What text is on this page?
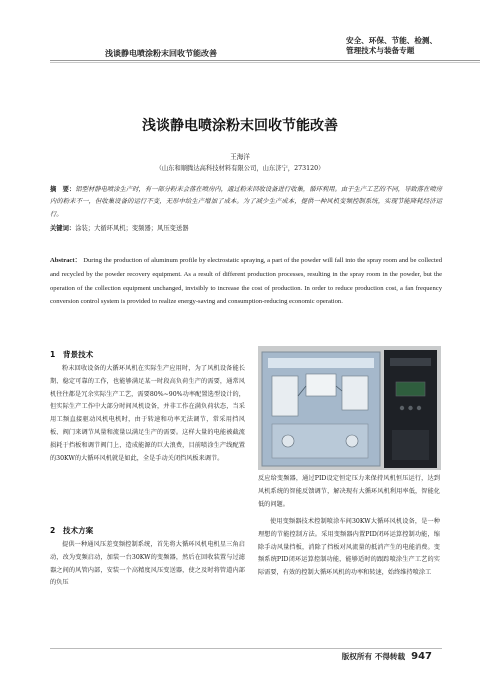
浅谈静电喷涂粉末回收节能改善
安全、环保、节能、检测、
管理技术与装备专题
浅谈静电喷涂粉末回收节能改善
王海洋
（山东和顺腾达高科技材料有限公司，山东济宁，273120）
摘　要：铝型材静电喷涂生产时，有一部分粉末会落在喷房内，通过粉末回收设备进行收集，循环利用。由于生产工艺的不同，导致落在喷房内的粉末不一，但收集设备的运行不变，无形中给生产增加了成本。为了减少生产成本，提供一种风机变频控制系统，实现节能降耗经济运行。
关键词：涂装；大循环风机；变频器；风压变送器
Abstract： During the production of aluminum profile by electrostatic spraying, a part of the powder will fall into the spray room and be collected and recycled by the powder recovery equipment. As a result of different production processes, resulting in the spray room in the powder, but the operation of the collection equipment unchanged, invisibly to increase the cost of production. In order to reduce production cost, a fan frequency conversion control system is provided to realize energy-saving and consumption-reducing economic operation.
1　背景技术
粉末回收设备的大循环风机在实际生产应用时，为了风机设备能长期、稳定可靠的工作，也能够满足某一时段高负荷生产的需要，通常风机往往都是冗余实际生产工艺，需要80%~90%功率配置选型设计的，但实际生产工作中大部分时间风机设备，并非工作在满负荷状态，当采用工频直接驱动风机电机时，由于转速和功率无法调节，常采用挡风板、阀门来调节风量和流量以满足生产的需要。这样大量的电能被截流损耗于挡板和调节阀门上，造成能源的巨大浪费，目前喷涂生产线配置的30KW的大循环风机就是如此，全是手动关闭挡风板来调节。
2　技术方案
提供一种通风压差变频控制系统，首先将大循环风机电机星三角启动，改为变频启动，加装一台30KW的变频器，然后在回收装置与过滤器之间的风管内部，安装一个高精度风压变送器，使之及时将管道内部的负压
反应给变频器，通过PID设定恒定压力来保持风机恒压运行，达到风机系统的智能反馈调节，解决现有大循环风机利用率低，智能化低的问题。
使用变频器技术控制喷涂车间30KW大循环风机设备，是一种理想的节能控制方法。采用变频器内置PID闭环运算控制功能，缩除手动风量挡板，消除了挡板对风流量的抵消产生的电能消费。变频系统PID闭环运算控制功能，能够适时的跟踪喷涂生产工艺的实际需要，有效的控制大循环风机的功率和转速，始终维持喷涂工
版权所有 不得转载 947
